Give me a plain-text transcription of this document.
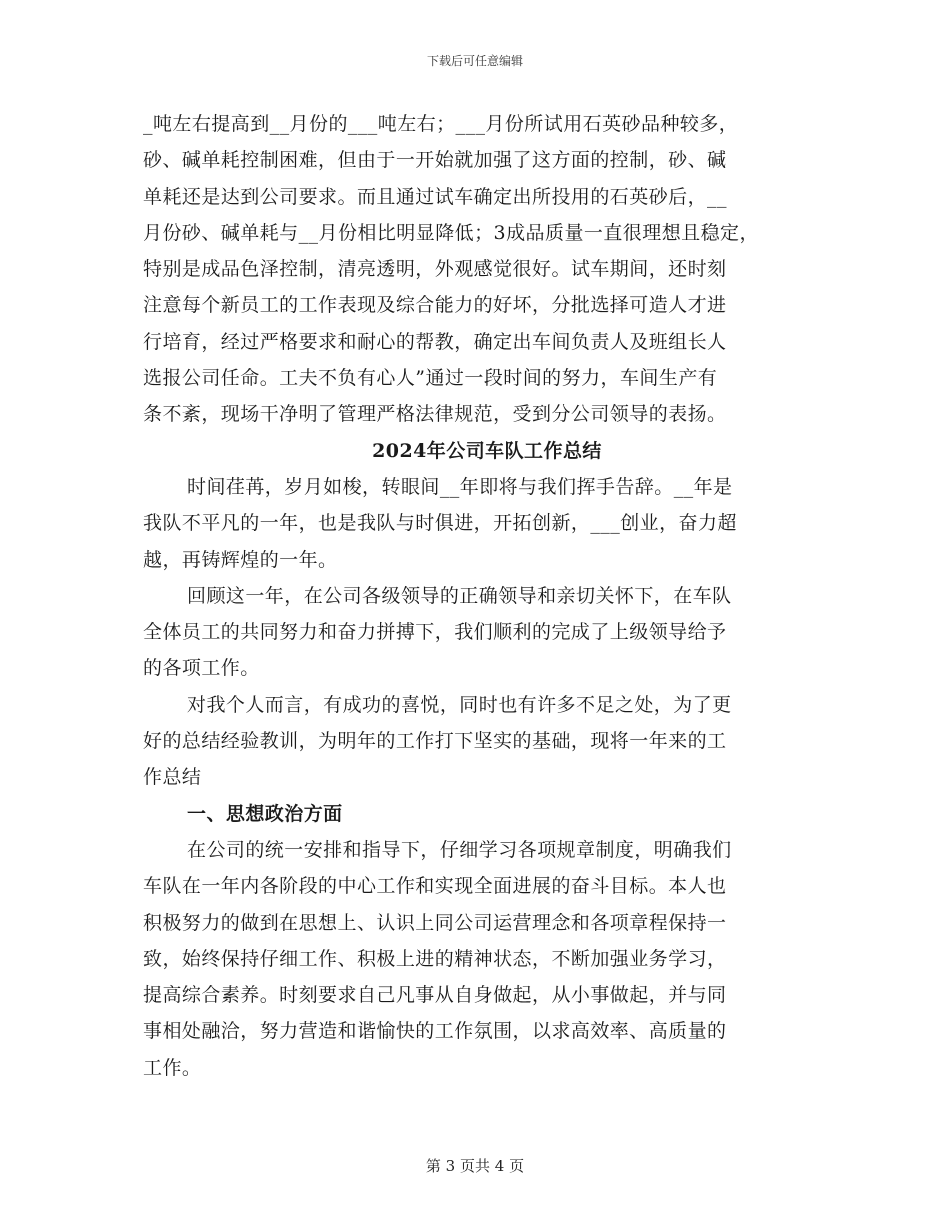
下载后可任意编辑
_吨左右提高到__月份的___吨左右；___月份所试用石英砂品种较多，
砂、碱单耗控制困难，但由于一开始就加强了这方面的控制，砂、碱
单耗还是达到公司要求。而且通过试车确定出所投用的石英砂后，__
月份砂、碱单耗与__月份相比明显降低；3成品质量一直很理想且稳定，
特别是成品色泽控制，清亮透明，外观感觉很好。试车期间，还时刻
注意每个新员工的工作表现及综合能力的好坏，分批选择可造人才进
行培育，经过严格要求和耐心的帮教，确定出车间负责人及班组长人
选报公司任命。工夫不负有心人”通过一段时间的努力，车间生产有
条不紊，现场干净明了管理严格法律规范，受到分公司领导的表扬。
2024年公司车队工作总结
时间荏苒，岁月如梭，转眼间__年即将与我们挥手告辞。__年是
我队不平凡的一年，也是我队与时俱进，开拓创新，___创业，奋力超
越，再铸辉煌的一年。
回顾这一年，在公司各级领导的正确领导和亲切关怀下，在车队
全体员工的共同努力和奋力拼搏下，我们顺利的完成了上级领导给予
的各项工作。
对我个人而言，有成功的喜悦，同时也有许多不足之处，为了更
好的总结经验教训，为明年的工作打下坚实的基础，现将一年来的工
作总结
一、思想政治方面
在公司的统一安排和指导下，仔细学习各项规章制度，明确我们
车队在一年内各阶段的中心工作和实现全面进展的奋斗目标。本人也
积极努力的做到在思想上、认识上同公司运营理念和各项章程保持一
致，始终保持仔细工作、积极上进的精神状态，不断加强业务学习，
提高综合素养。时刻要求自己凡事从自身做起，从小事做起，并与同
事相处融洽，努力营造和谐愉快的工作氛围，以求高效率、高质量的
工作。
第 3 页共 4 页
